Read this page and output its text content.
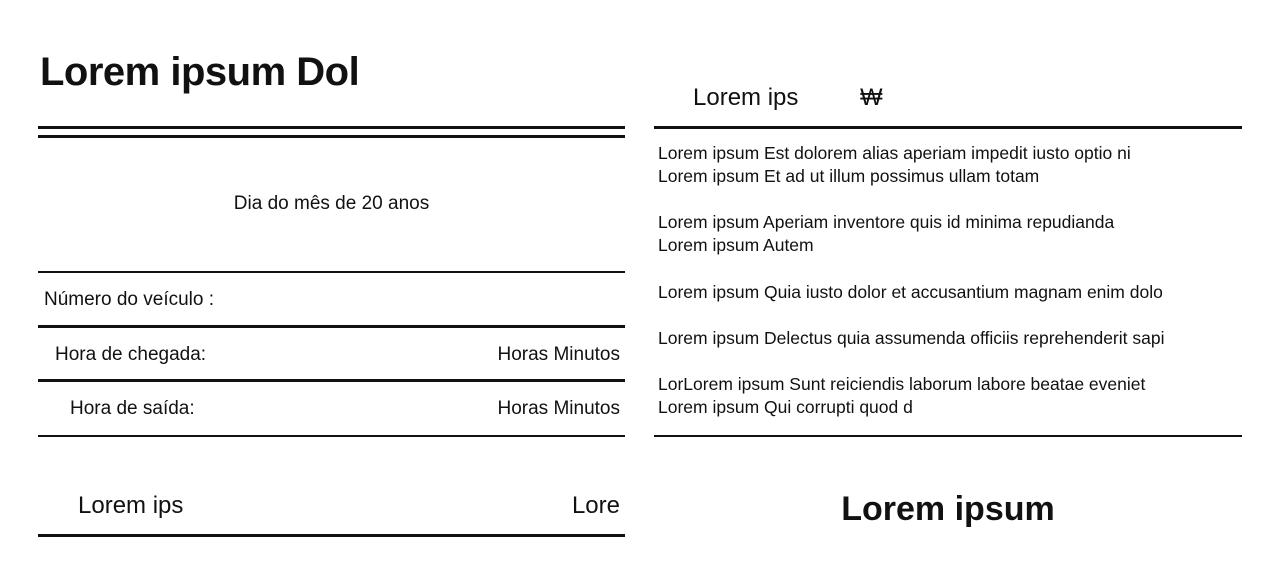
Lorem ipsum Dol
Dia do mês de 20 anos
Número do veículo :
Hora de chegada:	Horas Minutos
Hora de saída:	Horas Minutos
Lorem ips	Lore
Lorem ips	₩
Lorem ipsum Est dolorem alias aperiam impedit iusto optio ni
Lorem ipsum Et ad ut illum possimus ullam totam
Lorem ipsum Aperiam inventore quis id minima repudianda
Lorem ipsum Autem
Lorem ipsum Quia iusto dolor et accusantium magnam enim dolo
Lorem ipsum Delectus quia assumenda officiis reprehenderit sapi
LorLorem ipsum Sunt reiciendis laborum labore beatae eveniet
Lorem ipsum Qui corrupti quod d
Lorem ipsum
